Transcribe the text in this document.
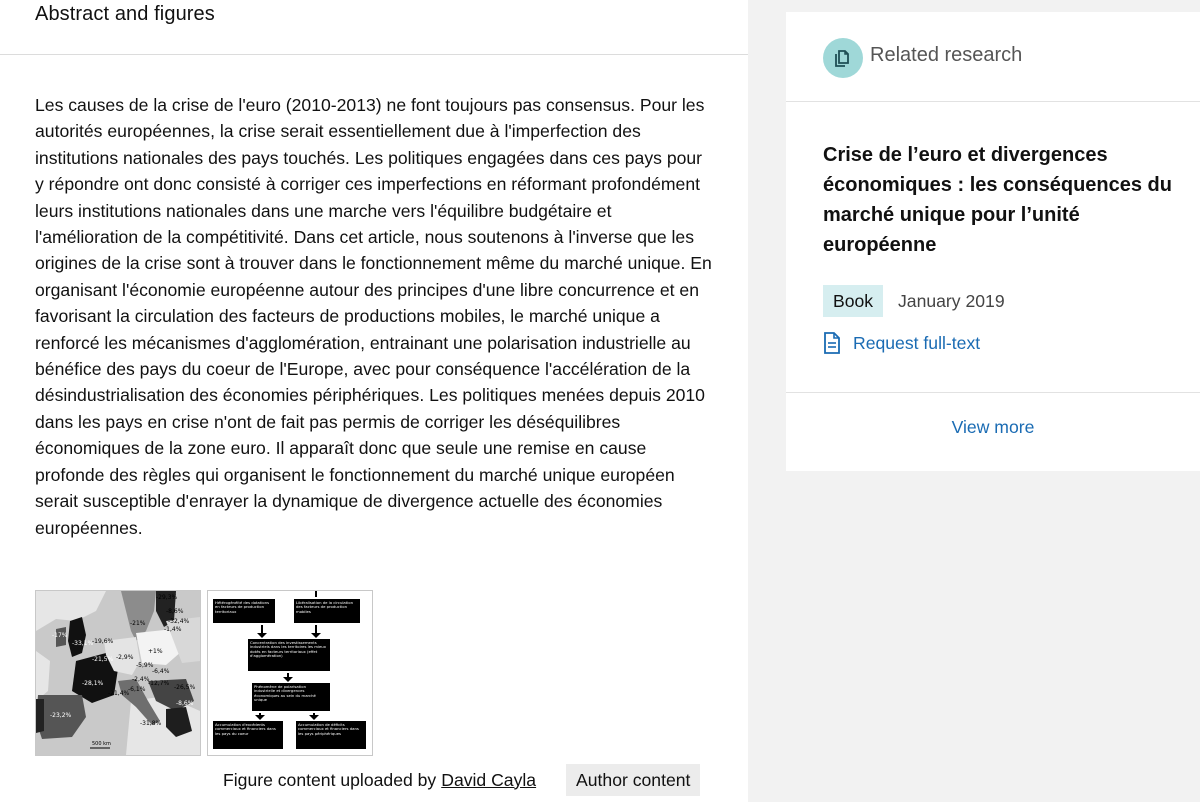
Abstract and figures

Les causes de la crise de l'euro (2010-2013) ne font toujours pas consensus. Pour les autorités européennes, la crise serait essentiellement due à l'imperfection des institutions nationales des pays touchés. Les politiques engagées dans ces pays pour y répondre ont donc consisté à corriger ces imperfections en réformant profondément leurs institutions nationales dans une marche vers l'équilibre budgétaire et l'amélioration de la compétitivité. Dans cet article, nous soutenons à l'inverse que les origines de la crise sont à trouver dans le fonctionnement même du marché unique. En organisant l'économie européenne autour des principes d'une libre concurrence et en favorisant la circulation des facteurs de productions mobiles, le marché unique a renforcé les mécanismes d'agglomération, entrainant une polarisation industrielle au bénéfice des pays du coeur de l'Europe, avec pour conséquence l'accélération de la désindustrialisation des économies périphériques. Les politiques menées depuis 2010 dans les pays en crise n'ont de fait pas permis de corriger les déséquilibres économiques de la zone euro. Il apparaît donc que seule une remise en cause profonde des règles qui organisent le fonctionnement du marché unique européen serait susceptible d'enrayer la dynamique de divergence actuelle des économies européennes.

-29,3%
-8,6%
-32,4%
-1,4%
-21%
-17%
-33,1%
-19,6%
+1%
-21,5% -2,9%
-5,9%
-6,4%
-2,4%
-12,7%
-28,1%
-21,4%
-6,1%	-26,5%
-23,2%
-8,6%
-31,8%
500 km
Hétérogénéité des dotations en facteurs de production territoriaux
Libéralisation de la circulation des facteurs de production mobiles
Concentration des investissements industriels dans les territoires les mieux dotés en facteurs territoriaux (effet d'agglomération)
Phénomène de polarisation industrielle et divergences économiques au sein du marché unique
Accumulation d'excédents commerciaux et financiers dans les pays du coeur
Accumulation de déficits commerciaux et financiers dans les pays périphériques
Figure content uploaded by David Cayla	Author content
Related research
Crise de l’euro et divergences économiques : les conséquences du marché unique pour l’unité européenne
Book	January 2019
Request full-text
View more
